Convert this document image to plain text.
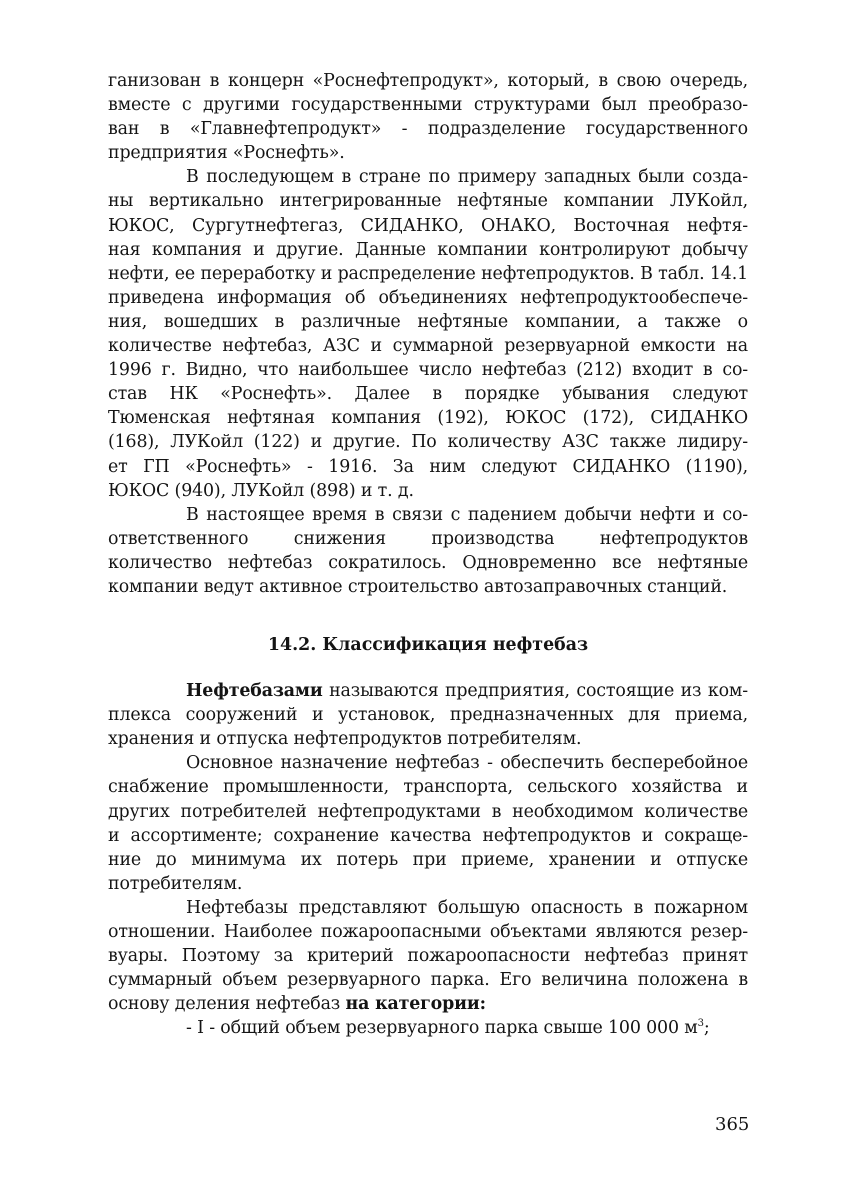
ганизован в концерн «Роснефтепродукт», который, в свою очередь,
вместе с другими государственными структурами был преобразо-
ван в «Главнефтепродукт» - подразделение государственного
предприятия «Роснефть».
В последующем в стране по примеру западных были созда-
ны вертикально интегрированные нефтяные компании ЛУКойл,
ЮКОС, Сургутнефтегаз, СИДАНКО, ОНАКО, Восточная нефтя-
ная компания и другие. Данные компании контролируют добычу
нефти, ее переработку и распределение нефтепродуктов. В табл. 14.1
приведена информация об объединениях нефтепродуктообеспече-
ния, вошедших в различные нефтяные компании, а также о
количестве нефтебаз, АЗС и суммарной резервуарной емкости на
1996 г. Видно, что наибольшее число нефтебаз (212) входит в со-
став НК «Роснефть». Далее в порядке убывания следуют
Тюменская нефтяная компания (192), ЮКОС (172), СИДАНКО
(168), ЛУКойл (122) и другие. По количеству АЗС также лидиру-
ет ГП «Роснефть» - 1916. За ним следуют СИДАНКО (1190),
ЮКОС (940), ЛУКойл (898) и т. д.
В настоящее время в связи с падением добычи нефти и со-
ответственного снижения производства нефтепродуктов
количество нефтебаз сократилось. Одновременно все нефтяные
компании ведут активное строительство автозаправочных станций.
14.2. Классификация нефтебаз
Нефтебазами называются предприятия, состоящие из ком-
плекса сооружений и установок, предназначенных для приема,
хранения и отпуска нефтепродуктов потребителям.
Основное назначение нефтебаз - обеспечить бесперебойное
снабжение промышленности, транспорта, сельского хозяйства и
других потребителей нефтепродуктами в необходимом количестве
и ассортименте; сохранение качества нефтепродуктов и сокраще-
ние до минимума их потерь при приеме, хранении и отпуске
потребителям.
Нефтебазы представляют большую опасность в пожарном
отношении. Наиболее пожароопасными объектами являются резер-
вуары. Поэтому за критерий пожароопасности нефтебаз принят
суммарный объем резервуарного парка. Его величина положена в
основу деления нефтебаз на категории:
- I - общий объем резервуарного парка свыше 100 000 $м^3$;
365
